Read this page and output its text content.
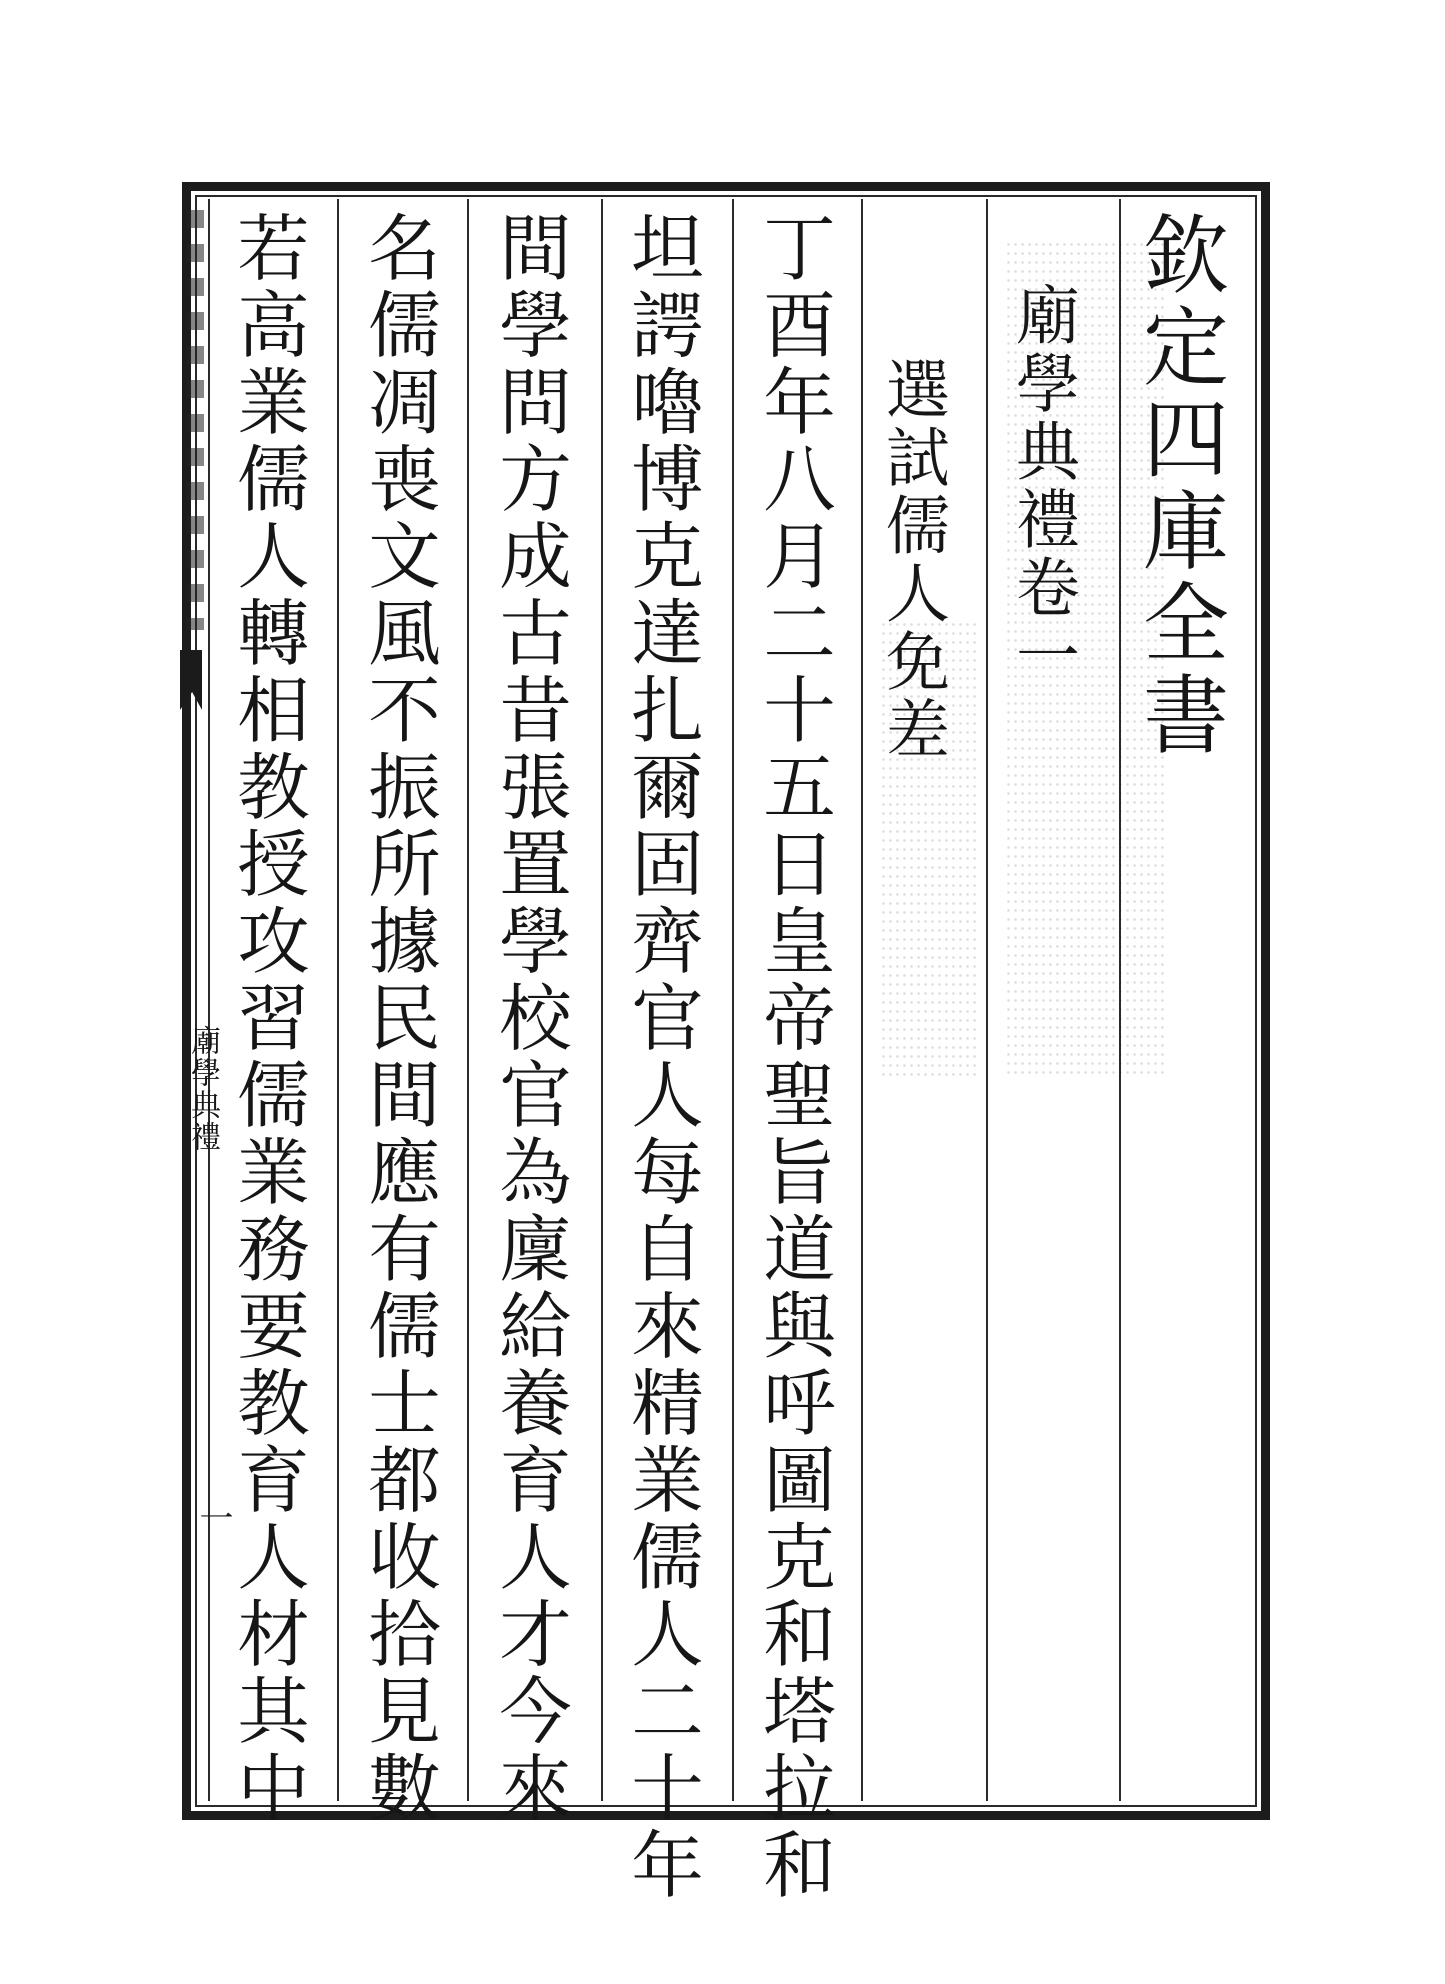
欽定四庫全書
廟學典禮卷一
選試儒人免差
丁酉年八月二十五日皇帝聖旨道與呼圖克和塔拉和
坦諤嚕博克達扎爾固齊官人每自來精業儒人二十年
間學問方成古昔張置學校官為廩給養育人才今來
名儒凋喪文風不振所據民間應有儒士都收拾見數
若高業儒人轉相教授攻習儒業務要教育人材其中
廟學典禮
一
